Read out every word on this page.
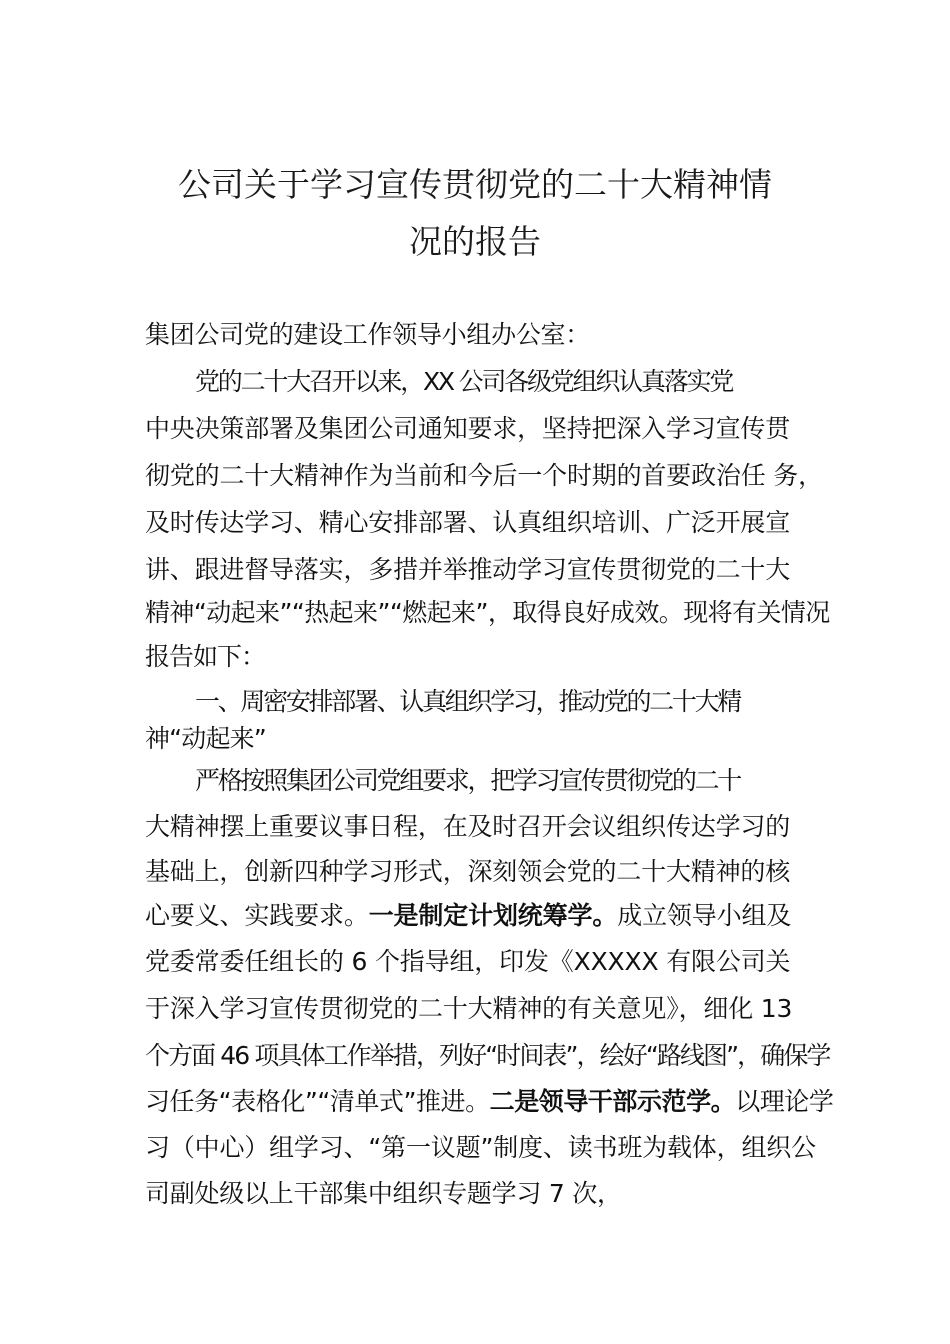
公司关于学习宣传贯彻党的二十大精神情
况的报告
集团公司党的建设工作领导小组办公室：
党的二十大召开以来，XX 公司各级党组织认真落实党
中央决策部署及集团公司通知要求，坚持把深入学习宣传贯
彻党的二十大精神作为当前和今后一个时期的首要政治任 务，
及时传达学习、精心安排部署、认真组织培训、广泛开展宣
讲、跟进督导落实，多措并举推动学习宣传贯彻党的二十大
精神“动起来”“热起来”“燃起来”，取得良好成效。现将有关情况
报告如下：
一、周密安排部署、认真组织学习，推动党的二十大精
神“动起来”
严格按照集团公司党组要求，把学习宣传贯彻党的二十
大精神摆上重要议事日程，在及时召开会议组织传达学习的
基础上，创新四种学习形式，深刻领会党的二十大精神的核
心要义、实践要求。一是制定计划统筹学。成立领导小组及
党委常委任组长的 6 个指导组，印发《XXXXX 有限公司关
于深入学习宣传贯彻党的二十大精神的有关意见》，细化 13
个方面 46 项具体工作举措，列好“时间表”，绘好“路线图”，确保学
习任务“表格化”“清单式”推进。二是领导干部示范学。以理论学
习（中心）组学习、“第一议题”制度、读书班为载体，组织公
司副处级以上干部集中组织专题学习 7 次，
